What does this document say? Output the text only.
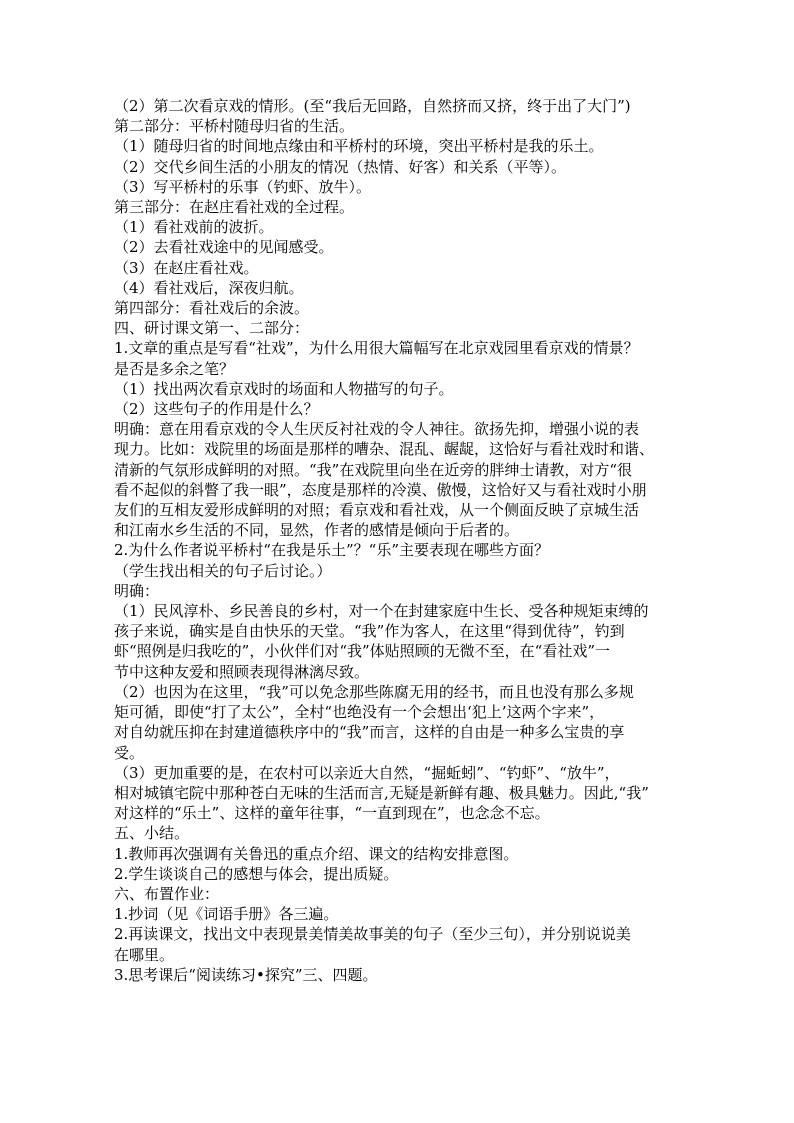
（2）第二次看京戏的情形。(至“我后无回路，自然挤而又挤，终于出了大门”)

第二部分：平桥村随母归省的生活。

（1）随母归省的时间地点缘由和平桥村的环境，突出平桥村是我的乐土。

（2）交代乡间生活的小朋友的情况（热情、好客）和关系（平等）。

（3）写平桥村的乐事（钓虾、放牛）。

第三部分：在赵庄看社戏的全过程。

（1）看社戏前的波折。

（2）去看社戏途中的见闻感受。

（3）在赵庄看社戏。

（4）看社戏后，深夜归航。

第四部分：看社戏后的余波。

四、研讨课文第一、二部分：

1.文章的重点是写看“社戏”，为什么用很大篇幅写在北京戏园里看京戏的情景？

是否是多余之笔？

（1）找出两次看京戏时的场面和人物描写的句子。

（2）这些句子的作用是什么？

明确：意在用看京戏的令人生厌反衬社戏的令人神往。欲扬先抑，增强小说的表

现力。比如：戏院里的场面是那样的嘈杂、混乱、龌龊，这恰好与看社戏时和谐、

清新的气氛形成鲜明的对照。“我”在戏院里向坐在近旁的胖绅士请教，对方“很

看不起似的斜瞥了我一眼”，态度是那样的冷漠、傲慢，这恰好又与看社戏时小朋

友们的互相友爱形成鲜明的对照；看京戏和看社戏，从一个侧面反映了京城生活

和江南水乡生活的不同，显然，作者的感情是倾向于后者的。

2.为什么作者说平桥村“在我是乐土”？“乐”主要表现在哪些方面？

（学生找出相关的句子后讨论。）

明确：

（1）民风淳朴、乡民善良的乡村，对一个在封建家庭中生长、受各种规矩束缚的

孩子来说，确实是自由快乐的天堂。“我”作为客人，在这里“得到优待”，钓到

虾“照例是归我吃的”，小伙伴们对“我”体贴照顾的无微不至，在“看社戏”一

节中这种友爱和照顾表现得淋漓尽致。

（2）也因为在这里，“我”可以免念那些陈腐无用的经书，而且也没有那么多规

矩可循，即使“打了太公”，全村“也绝没有一个会想出‘犯上’这两个字来”，

对自幼就压抑在封建道德秩序中的“我”而言，这样的自由是一种多么宝贵的享

受。

（3）更加重要的是，在农村可以亲近大自然，“掘蚯蚓”、“钓虾”、“放牛”，

相对城镇宅院中那种苍白无味的生活而言,无疑是新鲜有趣、极具魅力。因此,“我”

对这样的“乐土”、这样的童年往事，“一直到现在”，也念念不忘。

五、小结。

1.教师再次强调有关鲁迅的重点介绍、课文的结构安排意图。

2.学生谈谈自己的感想与体会，提出质疑。

六、布置作业：

1.抄词（见《词语手册》各三遍。

2.再读课文，找出文中表现景美情美故事美的句子（至少三句），并分别说说美

在哪里。

3.思考课后“阅读练习•探究”三、四题。
